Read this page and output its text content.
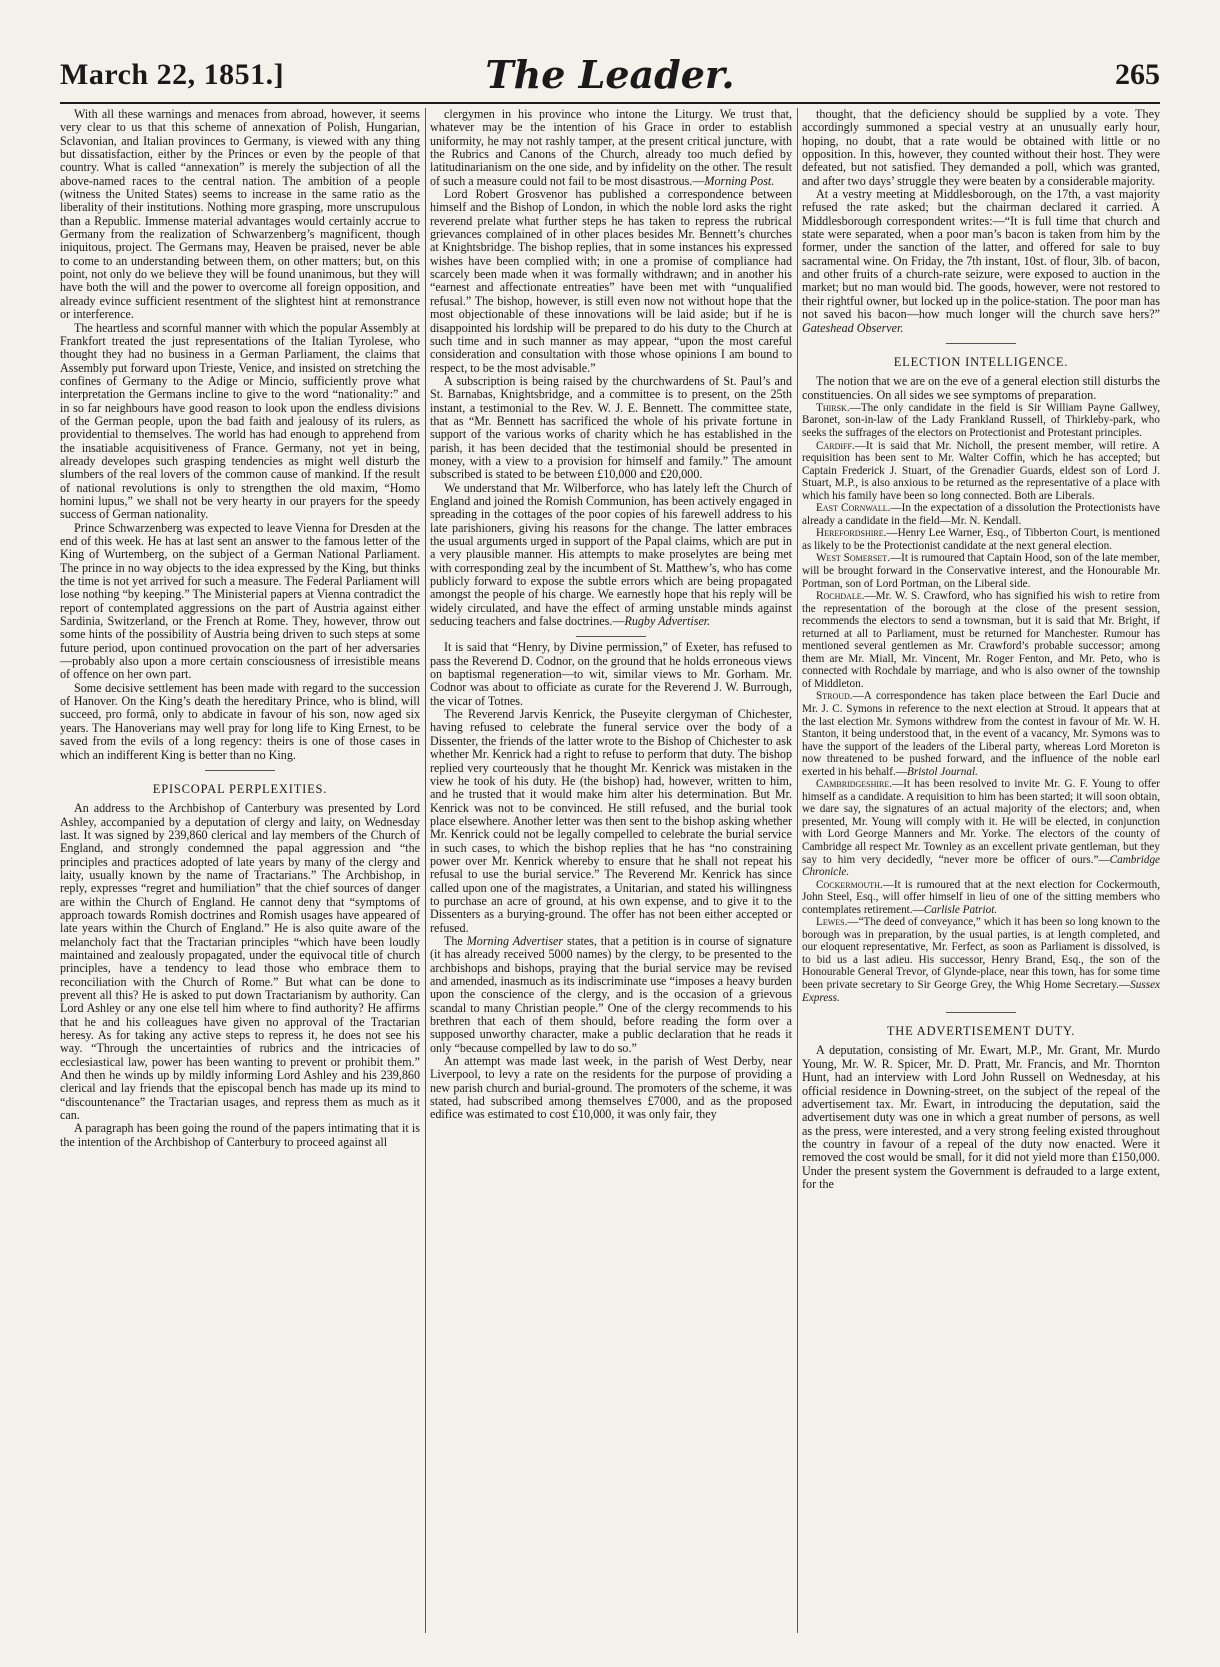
March 22, 1851.]	The Leader.	265

With all these warnings and menaces from abroad, however, it seems very clear to us that this scheme of annexation of Polish, Hungarian, Sclavonian, and Italian provinces to Germany, is viewed with any thing but dissatisfaction, either by the Princes or even by the people of that country. What is called “annexation” is merely the subjection of all the above-named races to the central nation. The ambition of a people (witness the United States) seems to increase in the same ratio as the liberality of their institutions. Nothing more grasping, more unscrupulous than a Republic. Immense material advantages would certainly accrue to Germany from the realization of Schwarzenberg’s magnificent, though iniquitous, project. The Germans may, Heaven be praised, never be able to come to an understanding between them, on other matters; but, on this point, not only do we believe they will be found unanimous, but they will have both the will and the power to overcome all foreign opposition, and already evince sufficient resentment of the slightest hint at remonstrance or interference.

The heartless and scornful manner with which the popular Assembly at Frankfort treated the just representations of the Italian Tyrolese, who thought they had no business in a German Parliament, the claims that Assembly put forward upon Trieste, Venice, and insisted on stretching the confines of Germany to the Adige or Mincio, sufficiently prove what interpretation the Germans incline to give to the word “nationality:” and in so far neighbours have good reason to look upon the endless divisions of the German people, upon the bad faith and jealousy of its rulers, as providential to themselves. The world has had enough to apprehend from the insatiable acquisitiveness of France. Germany, not yet in being, already developes such grasping tendencies as might well disturb the slumbers of the real lovers of the common cause of mankind. If the result of national revolutions is only to strengthen the old maxim, “Homo homini lupus,” we shall not be very hearty in our prayers for the speedy success of German nationality.

Prince Schwarzenberg was expected to leave Vienna for Dresden at the end of this week. He has at last sent an answer to the famous letter of the King of Wurtemberg, on the subject of a German National Parliament. The prince in no way objects to the idea expressed by the King, but thinks the time is not yet arrived for such a measure. The Federal Parliament will lose nothing “by keeping.” The Ministerial papers at Vienna contradict the report of contemplated aggressions on the part of Austria against either Sardinia, Switzerland, or the French at Rome. They, however, throw out some hints of the possibility of Austria being driven to such steps at some future period, upon continued provocation on the part of her adversaries—probably also upon a more certain consciousness of irresistible means of offence on her own part.

Some decisive settlement has been made with regard to the succession of Hanover. On the King’s death the hereditary Prince, who is blind, will succeed, pro formâ, only to abdicate in favour of his son, now aged six years. The Hanoverians may well pray for long life to King Ernest, to be saved from the evils of a long regency: theirs is one of those cases in which an indifferent King is better than no King.

EPISCOPAL PERPLEXITIES.

An address to the Archbishop of Canterbury was presented by Lord Ashley, accompanied by a deputation of clergy and laity, on Wednesday last. It was signed by 239,860 clerical and lay members of the Church of England, and strongly condemned the papal aggression and “the principles and practices adopted of late years by many of the clergy and laity, usually known by the name of Tractarians.” The Archbishop, in reply, expresses “regret and humiliation” that the chief sources of danger are within the Church of England. He cannot deny that “symptoms of approach towards Romish doctrines and Romish usages have appeared of late years within the Church of England.” He is also quite aware of the melancholy fact that the Tractarian principles “which have been loudly maintained and zealously propagated, under the equivocal title of church principles, have a tendency to lead those who embrace them to reconciliation with the Church of Rome.” But what can be done to prevent all this? He is asked to put down Tractarianism by authority. Can Lord Ashley or any one else tell him where to find authority? He affirms that he and his colleagues have given no approval of the Tractarian heresy. As for taking any active steps to repress it, he does not see his way. “Through the uncertainties of rubrics and the intricacies of ecclesiastical law, power has been wanting to prevent or prohibit them.” And then he winds up by mildly informing Lord Ashley and his 239,860 clerical and lay friends that the episcopal bench has made up its mind to “discountenance” the Tractarian usages, and repress them as much as it can.

A paragraph has been going the round of the papers intimating that it is the intention of the Archbishop of Canterbury to proceed against all

clergymen in his province who intone the Liturgy. We trust that, whatever may be the intention of his Grace in order to establish uniformity, he may not rashly tamper, at the present critical juncture, with the Rubrics and Canons of the Church, already too much defied by latitudinarianism on the one side, and by infidelity on the other. The result of such a measure could not fail to be most disastrous.—Morning Post.

Lord Robert Grosvenor has published a correspondence between himself and the Bishop of London, in which the noble lord asks the right reverend prelate what further steps he has taken to repress the rubrical grievances complained of in other places besides Mr. Bennett’s churches at Knightsbridge. The bishop replies, that in some instances his expressed wishes have been complied with; in one a promise of compliance had scarcely been made when it was formally withdrawn; and in another his “earnest and affectionate entreaties” have been met with “unqualified refusal.” The bishop, however, is still even now not without hope that the most objectionable of these innovations will be laid aside; but if he is disappointed his lordship will be prepared to do his duty to the Church at such time and in such manner as may appear, “upon the most careful consideration and consultation with those whose opinions I am bound to respect, to be the most advisable.”

A subscription is being raised by the churchwardens of St. Paul’s and St. Barnabas, Knightsbridge, and a committee is to present, on the 25th instant, a testimonial to the Rev. W. J. E. Bennett. The committee state, that as “Mr. Bennett has sacrificed the whole of his private fortune in support of the various works of charity which he has established in the parish, it has been decided that the testimonial should be presented in money, with a view to a provision for himself and family.” The amount subscribed is stated to be between £10,000 and £20,000.

We understand that Mr. Wilberforce, who has lately left the Church of England and joined the Romish Communion, has been actively engaged in spreading in the cottages of the poor copies of his farewell address to his late parishioners, giving his reasons for the change. The latter embraces the usual arguments urged in support of the Papal claims, which are put in a very plausible manner. His attempts to make proselytes are being met with corresponding zeal by the incumbent of St. Matthew’s, who has come publicly forward to expose the subtle errors which are being propagated amongst the people of his charge. We earnestly hope that his reply will be widely circulated, and have the effect of arming unstable minds against seducing teachers and false doctrines.—Rugby Advertiser.

It is said that “Henry, by Divine permission,” of Exeter, has refused to pass the Reverend D. Codnor, on the ground that he holds erroneous views on baptismal regeneration—to wit, similar views to Mr. Gorham. Mr. Codnor was about to officiate as curate for the Reverend J. W. Burrough, the vicar of Totnes.

The Reverend Jarvis Kenrick, the Puseyite clergyman of Chichester, having refused to celebrate the funeral service over the body of a Dissenter, the friends of the latter wrote to the Bishop of Chichester to ask whether Mr. Kenrick had a right to refuse to perform that duty. The bishop replied very courteously that he thought Mr. Kenrick was mistaken in the view he took of his duty. He (the bishop) had, however, written to him, and he trusted that it would make him alter his determination. But Mr. Kenrick was not to be convinced. He still refused, and the burial took place elsewhere. Another letter was then sent to the bishop asking whether Mr. Kenrick could not be legally compelled to celebrate the burial service in such cases, to which the bishop replies that he has “no constraining power over Mr. Kenrick whereby to ensure that he shall not repeat his refusal to use the burial service.” The Reverend Mr. Kenrick has since called upon one of the magistrates, a Unitarian, and stated his willingness to purchase an acre of ground, at his own expense, and to give it to the Dissenters as a burying-ground. The offer has not been either accepted or refused.

The Morning Advertiser states, that a petition is in course of signature (it has already received 5000 names) by the clergy, to be presented to the archbishops and bishops, praying that the burial service may be revised and amended, inasmuch as its indiscriminate use “imposes a heavy burden upon the conscience of the clergy, and is the occasion of a grievous scandal to many Christian people.” One of the clergy recommends to his brethren that each of them should, before reading the form over a supposed unworthy character, make a public declaration that he reads it only “because compelled by law to do so.”

An attempt was made last week, in the parish of West Derby, near Liverpool, to levy a rate on the residents for the purpose of providing a new parish church and burial-ground. The promoters of the scheme, it was stated, had subscribed among themselves £7000, and as the proposed edifice was estimated to cost £10,000, it was only fair, they

thought, that the deficiency should be supplied by a vote. They accordingly summoned a special vestry at an unusually early hour, hoping, no doubt, that a rate would be obtained with little or no opposition. In this, however, they counted without their host. They were defeated, but not satisfied. They demanded a poll, which was granted, and after two days’ struggle they were beaten by a considerable majority.

At a vestry meeting at Middlesborough, on the 17th, a vast majority refused the rate asked; but the chairman declared it carried. A Middlesborough correspondent writes:—“It is full time that church and state were separated, when a poor man’s bacon is taken from him by the former, under the sanction of the latter, and offered for sale to buy sacramental wine. On Friday, the 7th instant, 10st. of flour, 3lb. of bacon, and other fruits of a church-rate seizure, were exposed to auction in the market; but no man would bid. The goods, however, were not restored to their rightful owner, but locked up in the police-station. The poor man has not saved his bacon—how much longer will the church save hers?” Gateshead Observer.

ELECTION INTELLIGENCE.

The notion that we are on the eve of a general election still disturbs the constituencies. On all sides we see symptoms of preparation.

Thirsk.—The only candidate in the field is Sir William Payne Gallwey, Baronet, son-in-law of the Lady Frankland Russell, of Thirkleby-park, who seeks the suffrages of the electors on Protectionist and Protestant principles.

Cardiff.—It is said that Mr. Nicholl, the present member, will retire. A requisition has been sent to Mr. Walter Coffin, which he has accepted; but Captain Frederick J. Stuart, of the Grenadier Guards, eldest son of Lord J. Stuart, M.P., is also anxious to be returned as the representative of a place with which his family have been so long connected. Both are Liberals.

East Cornwall.—In the expectation of a dissolution the Protectionists have already a candidate in the field—Mr. N. Kendall.

Herefordshire.—Henry Lee Warner, Esq., of Tibberton Court, is mentioned as likely to be the Protectionist candidate at the next general election.

West Somerset.—It is rumoured that Captain Hood, son of the late member, will be brought forward in the Conservative interest, and the Honourable Mr. Portman, son of Lord Portman, on the Liberal side.

Rochdale.—Mr. W. S. Crawford, who has signified his wish to retire from the representation of the borough at the close of the present session, recommends the electors to send a townsman, but it is said that Mr. Bright, if returned at all to Parliament, must be returned for Manchester. Rumour has mentioned several gentlemen as Mr. Crawford’s probable successor; among them are Mr. Miall, Mr. Vincent, Mr. Roger Fenton, and Mr. Peto, who is connected with Rochdale by marriage, and who is also owner of the township of Middleton.

Stroud.—A correspondence has taken place between the Earl Ducie and Mr. J. C. Symons in reference to the next election at Stroud. It appears that at the last election Mr. Symons withdrew from the contest in favour of Mr. W. H. Stanton, it being understood that, in the event of a vacancy, Mr. Symons was to have the support of the leaders of the Liberal party, whereas Lord Moreton is now threatened to be pushed forward, and the influence of the noble earl exerted in his behalf.—Bristol Journal.

Cambridgeshire.—It has been resolved to invite Mr. G. F. Young to offer himself as a candidate. A requisition to him has been started; it will soon obtain, we dare say, the signatures of an actual majority of the electors; and, when presented, Mr. Young will comply with it. He will be elected, in conjunction with Lord George Manners and Mr. Yorke. The electors of the county of Cambridge all respect Mr. Townley as an excellent private gentleman, but they say to him very decidedly, “never more be officer of ours.”—Cambridge Chronicle.

Cockermouth.—It is rumoured that at the next election for Cockermouth, John Steel, Esq., will offer himself in lieu of one of the sitting members who contemplates retirement.—Carlisle Patriot.

Lewes.—“The deed of conveyance,” which it has been so long known to the borough was in preparation, by the usual parties, is at length completed, and our eloquent representative, Mr. Ferfect, as soon as Parliament is dissolved, is to bid us a last adieu. His successor, Henry Brand, Esq., the son of the Honourable General Trevor, of Glynde-place, near this town, has for some time been private secretary to Sir George Grey, the Whig Home Secretary.—Sussex Express.

THE ADVERTISEMENT DUTY.

A deputation, consisting of Mr. Ewart, M.P., Mr. Grant, Mr. Murdo Young, Mr. W. R. Spicer, Mr. D. Pratt, Mr. Francis, and Mr. Thornton Hunt, had an interview with Lord John Russell on Wednesday, at his official residence in Downing-street, on the subject of the repeal of the advertisement tax. Mr. Ewart, in introducing the deputation, said the advertisement duty was one in which a great number of persons, as well as the press, were interested, and a very strong feeling existed throughout the country in favour of a repeal of the duty now enacted. Were it removed the cost would be small, for it did not yield more than £150,000. Under the present system the Government is defrauded to a large extent, for the
